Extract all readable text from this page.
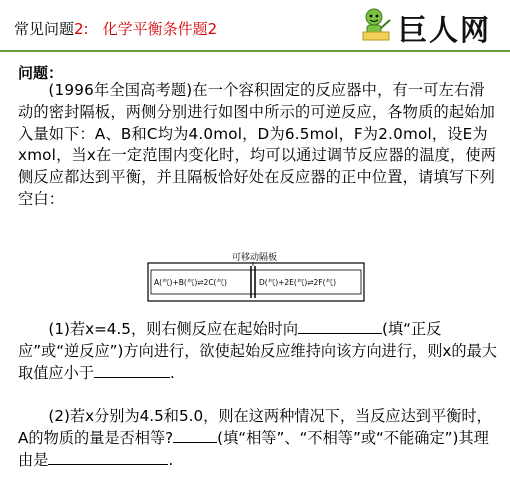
常见问题2: 化学平衡条件题2	巨人网
问题：
(1996年全国高考题)在一个容积固定的反应器中，有一可左右滑动的密封隔板，两侧分别进行如图中所示的可逆反应，各物质的起始加入量如下：A、B和C均为4.0mol，D为6.5mol，F为2.0mol，设E为xmol，当x在一定范围内变化时，均可以通过调节反应器的温度，使两侧反应都达到平衡，并且隔板恰好处在反应器的正中位置，请填写下列空白：
可移动隔板
A(气)+B(气)⇌2C(气)	D(气)+2E(气)⇌2F(气)
(1)若x=4.5，则右侧反应在起始时向	(填“正反应”或“逆反应”)方向进行，欲使起始反应维持向该方向进行，则x的最大取值应小于	.
(2)若x分别为4.5和5.0，则在这两种情况下，当反应达到平衡时，A的物质的量是否相等?	(填“相等”、“不相等”或“不能确定”)其理由是	.
